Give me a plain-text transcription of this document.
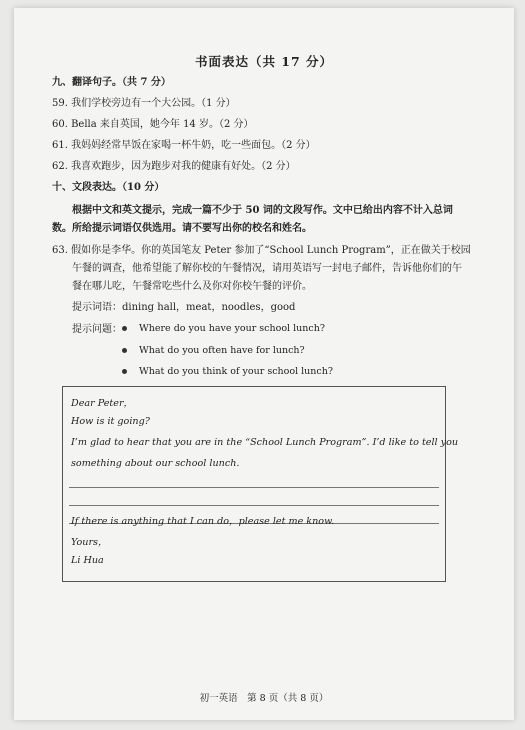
书面表达（共 17 分）
九、翻译句子。（共 7 分）
59. 我们学校旁边有一个大公园。（1 分）
60. Bella 来自英国，她今年 14 岁。（2 分）
61. 我妈妈经常早饭在家喝一杯牛奶，吃一些面包。（2 分）
62. 我喜欢跑步，因为跑步对我的健康有好处。（2 分）
十、文段表达。（10 分）
根据中文和英文提示，完成一篇不少于 50 词的文段写作。文中已给出内容不计入总词
数。所给提示词语仅供选用。请不要写出你的校名和姓名。
63. 假如你是李华。你的英国笔友 Peter 参加了“School Lunch Program”，正在做关于校园
午餐的调查，他希望能了解你校的午餐情况，请用英语写一封电子邮件，告诉他你们的午
餐在哪儿吃，午餐常吃些什么及你对你校午餐的评价。
提示词语：dining hall，meat，noodles，good
提示问题：	Where do you have your school lunch?
What do you often have for lunch?
What do you think of your school lunch?
Dear Peter，
How is it going?
I’m glad to hear that you are in the “School Lunch Program”. I’d like to tell you
something about our school lunch.
If there is anything that I can do，please let me know.
Yours，
Li Hua
初一英语　第 8 页（共 8 页）
